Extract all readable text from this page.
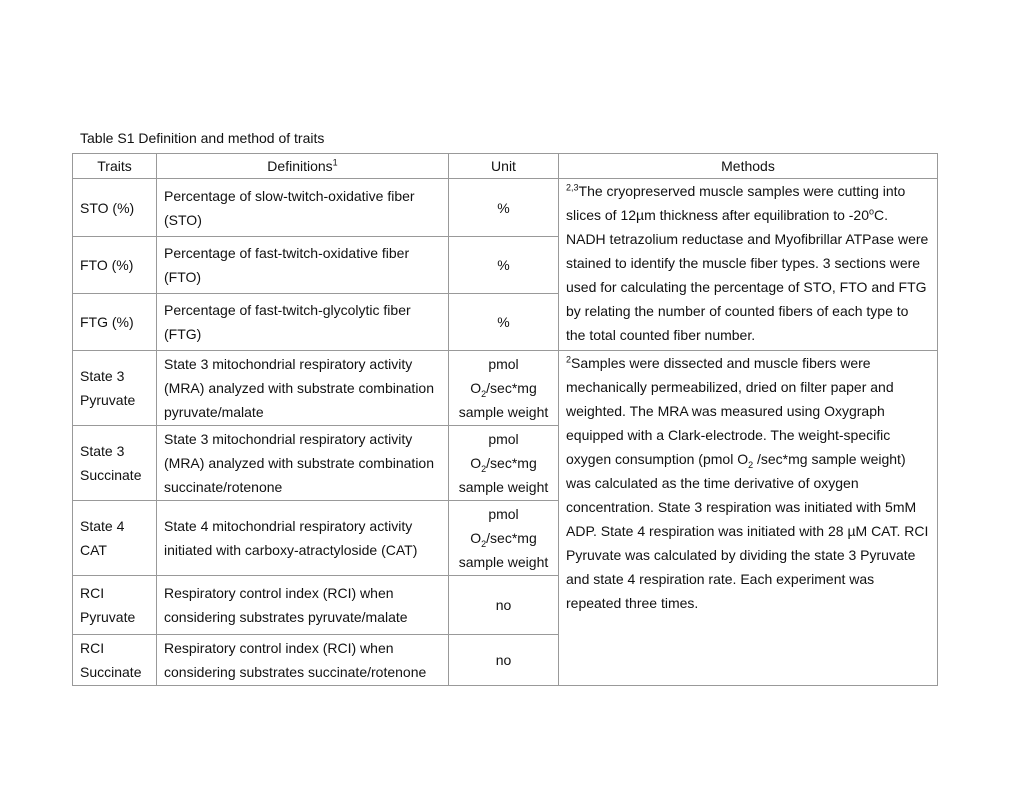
Table S1 Definition and method of traits
Traits	Definitions$^1$	Unit	Methods
STO (%)	Percentage of slow-twitch-oxidative fiber (STO)	%	$^{2,3}$The cryopreserved muscle samples were cutting into slices of 12µm thickness after equilibration to -20$^o$C. NADH tetrazolium reductase and Myofibrillar ATPase were stained to identify the muscle fiber types. 3 sections were used for calculating the percentage of STO, FTO and FTG by relating the number of counted fibers of each type to the total counted fiber number.
FTO (%)	Percentage of fast-twitch-oxidative fiber (FTO)	%	
FTG (%)	Percentage of fast-twitch-glycolytic fiber (FTG)	%	
State 3 Pyruvate	State 3 mitochondrial respiratory activity (MRA) analyzed with substrate combination pyruvate/malate	pmol $O_2/\sec*mg$ sample weight	$^2$Samples were dissected and muscle fibers were mechanically permeabilized, dried on filter paper and weighted. The MRA was measured using Oxygraph equipped with a Clark-electrode. The weight-specific oxygen consumption (pmol $O_2$ /sec*mg sample weight) was calculated as the time derivative of oxygen concentration. State 3 respiration was initiated with 5mM ADP. State 4 respiration was initiated with 28 µM CAT. RCI Pyruvate was calculated by dividing the state 3 Pyruvate and state 4 respiration rate. Each experiment was repeated three times.
State 3 Succinate	State 3 mitochondrial respiratory activity (MRA) analyzed with substrate combination succinate/rotenone	pmol $O_2/\sec*mg$ sample weight	
State 4 CAT	State 4 mitochondrial respiratory activity initiated with carboxy-atractyloside (CAT)	pmol $O_2/\sec*mg$ sample weight	
RCI Pyruvate	Respiratory control index (RCI) when considering substrates pyruvate/malate	no	
RCI Succinate	Respiratory control index (RCI) when considering substrates succinate/rotenone	no	
